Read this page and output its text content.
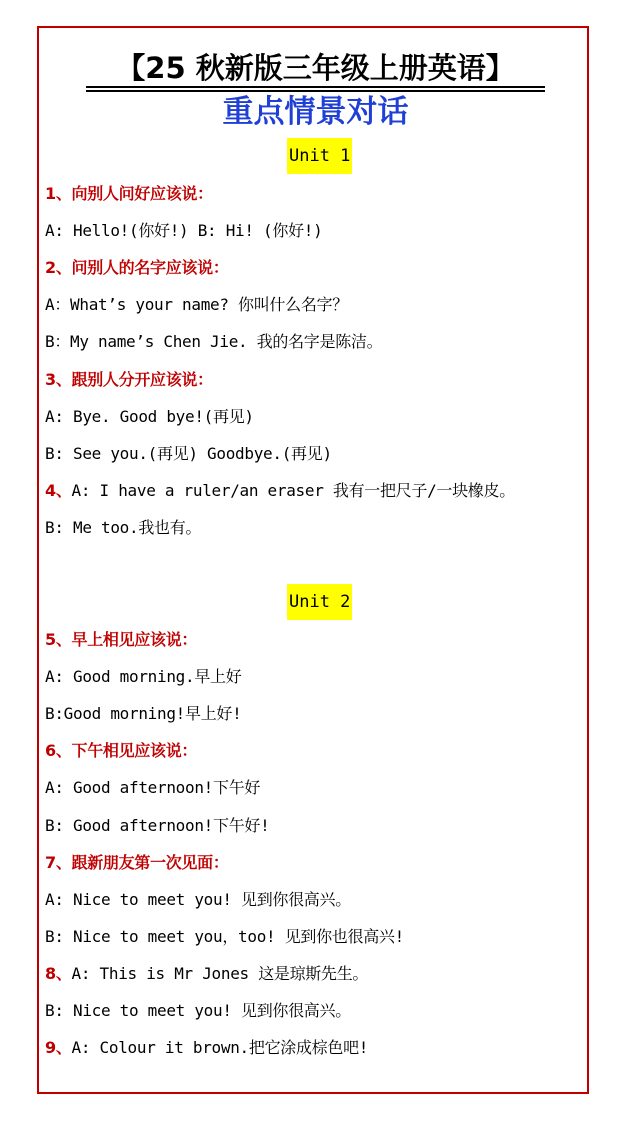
【25 秋新版三年级上册英语】
重点情景对话
Unit 1
1、向别人问好应该说：
A: Hello!(你好!) B: Hi! (你好!)
2、问别人的名字应该说：
A：What’s your name? 你叫什么名字？
B：My name’s Chen Jie. 我的名字是陈洁。
3、跟别人分开应该说：
A: Bye. Good bye!(再见)
B: See you.(再见) Goodbye.(再见)
4、A: I have a ruler/an eraser 我有一把尺子/一块橡皮。
B: Me too.我也有。
Unit 2
5、早上相见应该说：
A: Good morning.早上好
B:Good morning!早上好!
6、下午相见应该说：
A: Good afternoon!下午好
B: Good afternoon!下午好!
7、跟新朋友第一次见面：
A: Nice to meet you! 见到你很高兴。
B: Nice to meet you，too! 见到你也很高兴!
8、A: This is Mr Jones 这是琼斯先生。
B: Nice to meet you! 见到你很高兴。
9、A: Colour it brown.把它涂成棕色吧!
